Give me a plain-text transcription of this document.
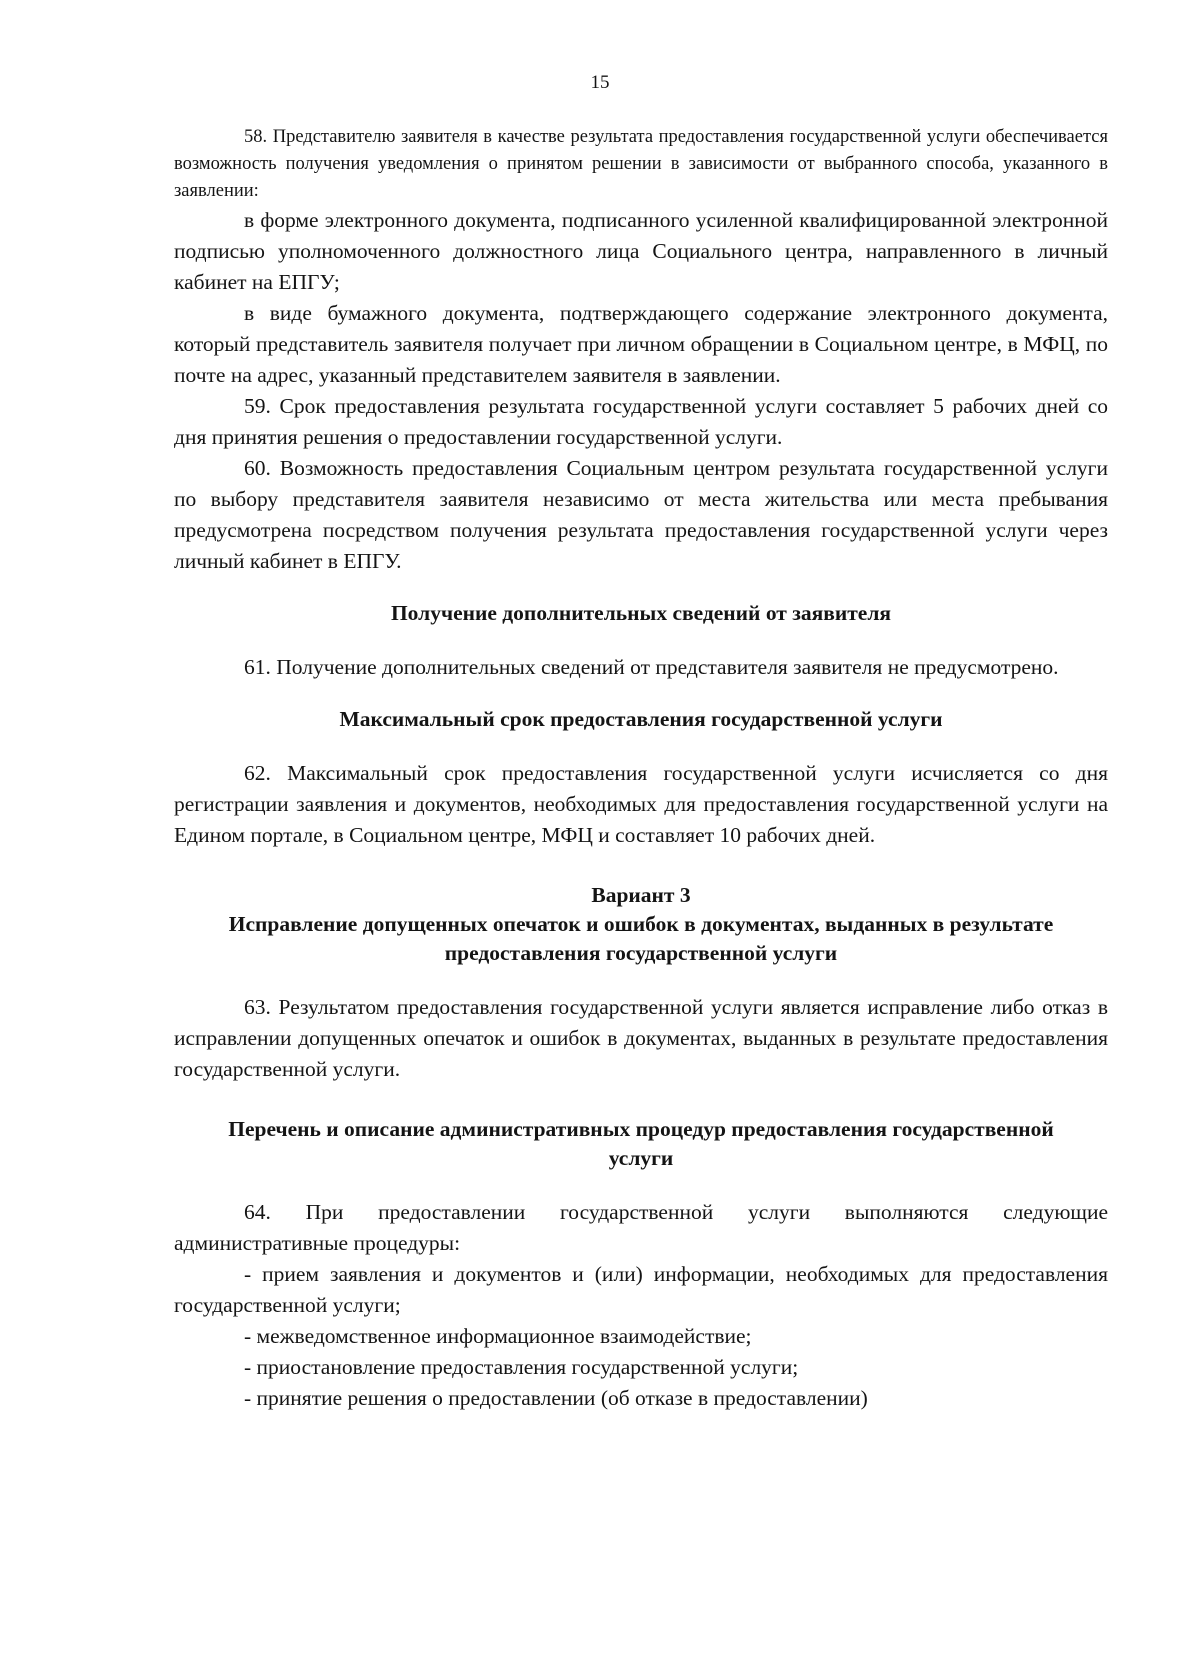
15

58. Представителю заявителя в качестве результата предоставления государственной услуги обеспечивается возможность получения уведомления о принятом решении в зависимости от выбранного способа, указанного в заявлении:

в форме электронного документа, подписанного усиленной квалифицированной электронной подписью уполномоченного должностного лица Социального центра, направленного в личный кабинет на ЕПГУ;

в виде бумажного документа, подтверждающего содержание электронного документа, который представитель заявителя получает при личном обращении в Социальном центре, в МФЦ, по почте на адрес, указанный представителем заявителя в заявлении.

59. Срок предоставления результата государственной услуги составляет 5 рабочих дней со дня принятия решения о предоставлении государственной услуги.

60. Возможность предоставления Социальным центром результата государственной услуги по выбору представителя заявителя независимо от места жительства или места пребывания предусмотрена посредством получения результата предоставления государственной услуги через личный кабинет в ЕПГУ.

Получение дополнительных сведений от заявителя

61. Получение дополнительных сведений от представителя заявителя не предусмотрено.

Максимальный срок предоставления государственной услуги

62. Максимальный срок предоставления государственной услуги исчисляется со дня регистрации заявления и документов, необходимых для предоставления государственной услуги на Едином портале, в Социальном центре, МФЦ и составляет 10 рабочих дней.

Вариант 3

Исправление допущенных опечаток и ошибок в документах, выданных в результате предоставления государственной услуги

63. Результатом предоставления государственной услуги является исправление либо отказ в исправлении допущенных опечаток и ошибок в документах, выданных в результате предоставления государственной услуги.

Перечень и описание административных процедур предоставления государственной услуги

64. При предоставлении государственной услуги выполняются следующие административные процедуры:

- прием заявления и документов и (или) информации, необходимых для предоставления государственной услуги;

- межведомственное информационное взаимодействие;

- приостановление предоставления государственной услуги;

- принятие решения о предоставлении (об отказе в предоставлении)
